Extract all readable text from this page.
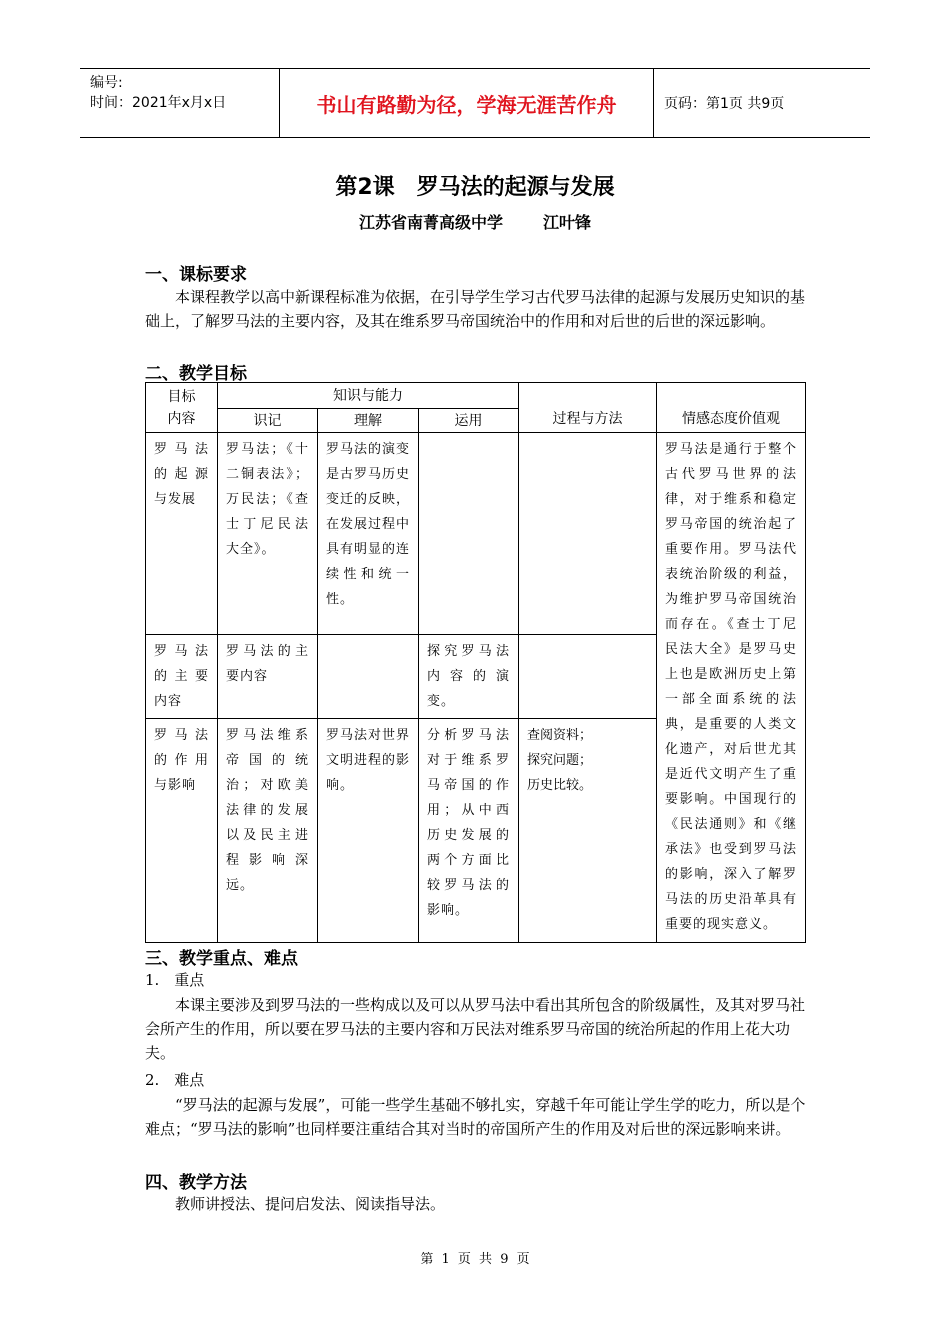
编号:
时间：2021年x月x日	书山有路勤为径，学海无涯苦作舟	页码：第1页 共9页
第2课　罗马法的起源与发展
江苏省南菁高级中学	江叶锋
一、课标要求
本课程教学以高中新课程标准为依据，在引导学生学习古代罗马法律的起源与发展历史知识的基础上，了解罗马法的主要内容，及其在维系罗马帝国统治中的作用和对后世的后世的深远影响。
二、教学目标
目标
内容	知识与能力			过程与方法	情感态度价值观
	识记	理解	运用		
罗马法的起源与发展	罗马法；《十二铜表法》；万民法；《查士丁尼民法大全》。	罗马法的演变是古罗马历史变迁的反映，在发展过程中具有明显的连续性和统一性。			罗马法是通行于整个古代罗马世界的法律，对于维系和稳定罗马帝国的统治起了重要作用。罗马法代表统治阶级的利益，为维护罗马帝国统治而存在。《查士丁尼民法大全》是罗马史上也是欧洲历史上第一部全面系统的法典，是重要的人类文化遗产，对后世尤其是近代文明产生了重要影响。中国现行的《民法通则》和《继承法》也受到罗马法的影响，深入了解罗马法的历史沿革具有重要的现实意义。
罗马法的主要内容	罗马法的主要内容		探究罗马法内容的演变。		
罗马法的作用与影响	罗马法维系帝国的统治；对欧美法律的发展以及民主进程影响深远。	罗马法对世界文明进程的影响。	分析罗马法对于维系罗马帝国的作用；从中西历史发展的两个方面比较罗马法的影响。	查阅资料；
探究问题；
历史比较。	
三、教学重点、难点
1.　重点
本课主要涉及到罗马法的一些构成以及可以从罗马法中看出其所包含的阶级属性，及其对罗马社会所产生的作用，所以要在罗马法的主要内容和万民法对维系罗马帝国的统治所起的作用上花大功夫。
2.　难点
“罗马法的起源与发展”，可能一些学生基础不够扎实，穿越千年可能让学生学的吃力，所以是个难点；“罗马法的影响”也同样要注重结合其对当时的帝国所产生的作用及对后世的深远影响来讲。
四、教学方法
教师讲授法、提问启发法、阅读指导法。
第 1 页 共 9 页
